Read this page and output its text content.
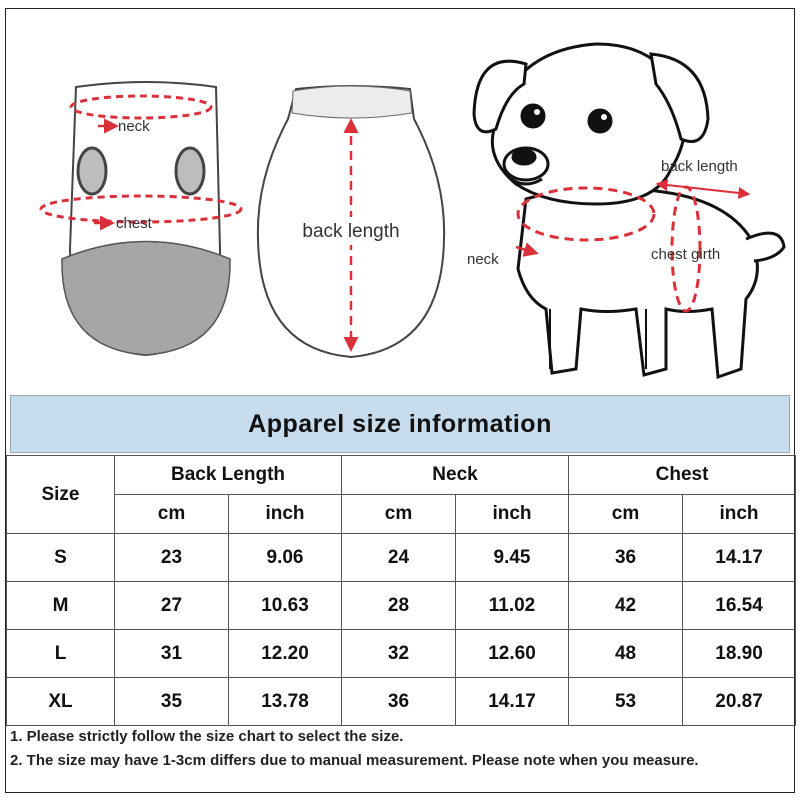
neck
chest	back length
back length
neck	chest girth
Apparel size information
Size	Back Length		Neck		Chest	
	cm	inch	cm	inch	cm	inch
S	23	9.06	24	9.45	36	14.17
M	27	10.63	28	11.02	42	16.54
L	31	12.20	32	12.60	48	18.90
XL	35	13.78	36	14.17	53	20.87
1. Please strictly follow the size chart to select the size.
2. The size may have 1-3cm differs due to manual measurement. Please note when you measure.
